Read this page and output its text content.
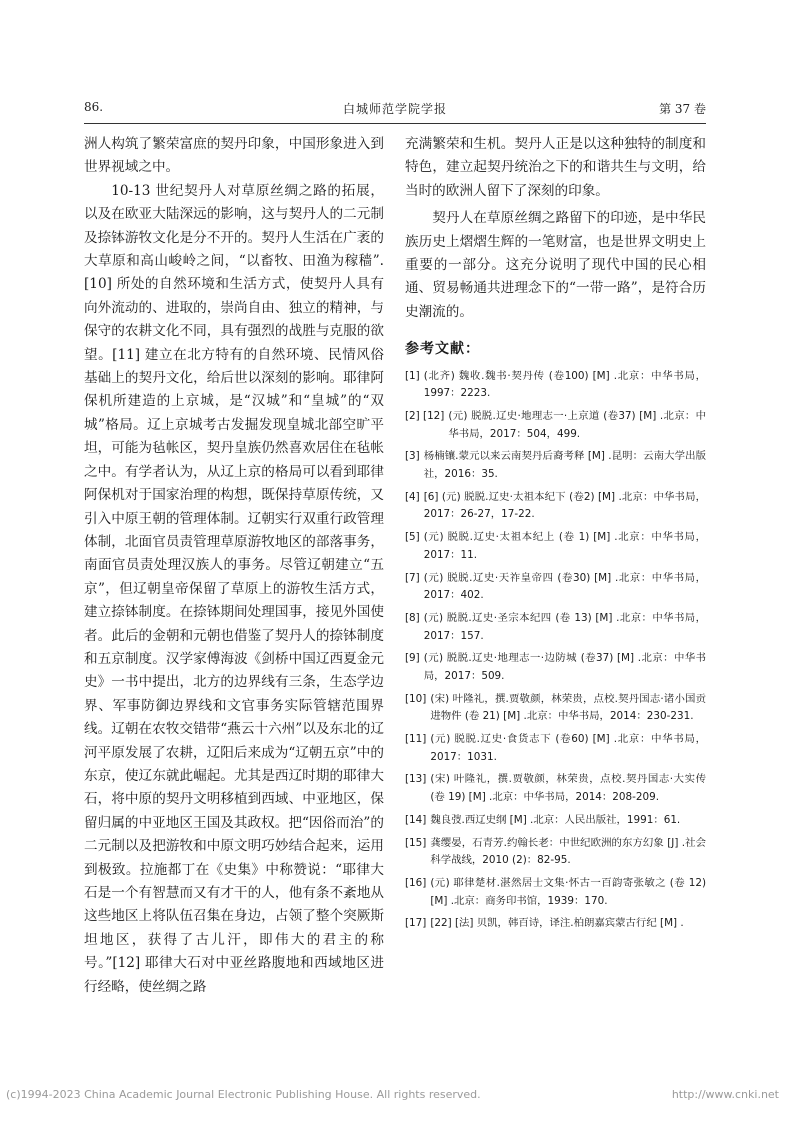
86.	白城师范学院学报	第 37 卷

洲人构筑了繁荣富庶的契丹印象，中国形象进入到世界视域之中。

10-13 世纪契丹人对草原丝绸之路的拓展，以及在欧亚大陆深远的影响，这与契丹人的二元制及捺钵游牧文化是分不开的。契丹人生活在广袤的大草原和高山峻岭之间，“以畜牧、田渔为稼穑”.[10] 所处的自然环境和生活方式，使契丹人具有向外流动的、进取的，崇尚自由、独立的精神，与保守的农耕文化不同，具有强烈的战胜与克服的欲望。[11] 建立在北方特有的自然环境、民情风俗基础上的契丹文化，给后世以深刻的影响。耶律阿保机所建造的上京城，是“汉城”和“皇城”的“双城”格局。辽上京城考古发掘发现皇城北部空旷平坦，可能为毡帐区，契丹皇族仍然喜欢居住在毡帐之中。有学者认为，从辽上京的格局可以看到耶律阿保机对于国家治理的构想，既保持草原传统，又引入中原王朝的管理体制。辽朝实行双重行政管理体制，北面官员责管理草原游牧地区的部落事务，南面官员责处理汉族人的事务。尽管辽朝建立“五京”，但辽朝皇帝保留了草原上的游牧生活方式，建立捺钵制度。在捺钵期间处理国事，接见外国使者。此后的金朝和元朝也借鉴了契丹人的捺钵制度和五京制度。汉学家傅海波《剑桥中国辽西夏金元史》一书中提出，北方的边界线有三条，生态学边界、军事防御边界线和文官事务实际管辖范围界线。辽朝在农牧交错带“燕云十六州”以及东北的辽河平原发展了农耕，辽阳后来成为“辽朝五京”中的东京，使辽东就此崛起。尤其是西辽时期的耶律大石，将中原的契丹文明移植到西域、中亚地区，保留归属的中亚地区王国及其政权。把“因俗而治”的二元制以及把游牧和中原文明巧妙结合起来，运用到极致。拉施都丁在《史集》中称赞说：“耶律大石是一个有智慧而又有才干的人，他有条不紊地从这些地区上将队伍召集在身边，占领了整个突厥斯坦地区，获得了古儿汗，即伟大的君主的称号。”[12] 耶律大石对中亚丝路腹地和西域地区进行经略，使丝绸之路

充满繁荣和生机。契丹人正是以这种独特的制度和特色，建立起契丹统治之下的和谐共生与文明，给当时的欧洲人留下了深刻的印象。

契丹人在草原丝绸之路留下的印迹，是中华民族历史上熠熠生辉的一笔财富，也是世界文明史上重要的一部分。这充分说明了现代中国的民心相通、贸易畅通共进理念下的“一带一路”，是符合历史潮流的。

参考文献：
[1] (北齐) 魏收.魏书·契丹传 (卷100) [M] .北京：中华书局，1997：2223.
[2] [12] (元) 脱脱.辽史·地理志一·上京道 (卷37) [M] .北京：中华书局，2017：504，499.
[3] 杨楠镶.蒙元以来云南契丹后裔考释 [M] .昆明：云南大学出版社，2016：35.
[4] [6] (元) 脱脱.辽史·太祖本纪下 (卷2) [M] .北京：中华书局，2017：26-27，17-22.
[5] (元) 脱脱.辽史·太祖本纪上 (卷 1) [M] .北京：中华书局，2017：11.
[7] (元) 脱脱.辽史·天祚皇帝四 (卷30) [M] .北京：中华书局，2017：402.
[8] (元) 脱脱.辽史·圣宗本纪四 (卷 13) [M] .北京：中华书局，2017：157.
[9] (元) 脱脱.辽史·地理志一·边防城 (卷37) [M] .北京：中华书局，2017：509.
[10] (宋) 叶隆礼，撰.贾敬颜，林荣贵，点校.契丹国志·诸小国贡进物件 (卷 21) [M] .北京：中华书局，2014：230-231.
[11] (元) 脱脱.辽史·食货志下 (卷60) [M] .北京：中华书局，2017：1031.
[13] (宋) 叶隆礼，撰.贾敬颜，林荣贵，点校.契丹国志·大实传 (卷 19) [M] .北京：中华书局，2014：208-209.
[14] 魏良弢.西辽史纲 [M] .北京：人民出版社，1991：61.
[15] 龚缨晏，石青芳.约翰长老：中世纪欧洲的东方幻象 [J] .社会科学战线，2010 (2)：82-95.
[16] (元) 耶律楚材.湛然居士文集·怀古一百韵寄张敏之 (卷 12) [M] .北京：商务印书馆，1939：170.
[17] [22] [法] 贝凯，韩百诗，译注.柏朗嘉宾蒙古行纪 [M] .
(c)1994-2023 China Academic Journal Electronic Publishing House. All rights reserved.	http://www.cnki.net
